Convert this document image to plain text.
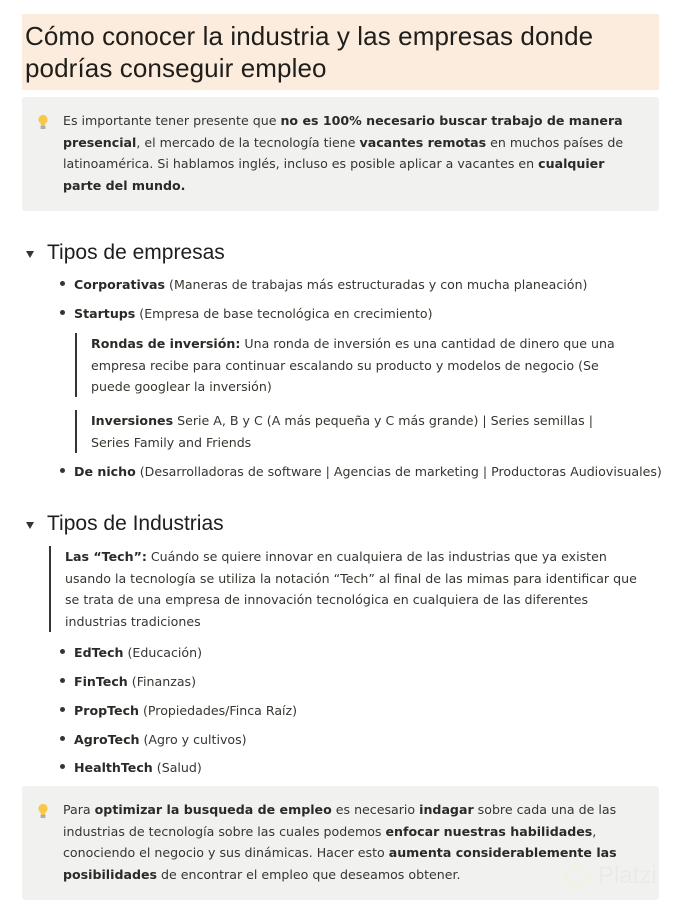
Cómo conocer la industria y las empresas donde podrías conseguir empleo
Es importante tener presente que no es 100% necesario buscar trabajo de manera presencial, el mercado de la tecnología tiene vacantes remotas en muchos países de latinoamérica. Si hablamos inglés, incluso es posible aplicar a vacantes en cualquier parte del mundo.
Tipos de empresas
Corporativas (Maneras de trabajas más estructuradas y con mucha planeación)
Startups (Empresa de base tecnológica en crecimiento)
Rondas de inversión: Una ronda de inversión es una cantidad de dinero que una empresa recibe para continuar escalando su producto y modelos de negocio (Se puede googlear la inversión)
Inversiones Serie A, B y C (A más pequeña y C más grande) | Series semillas | Series Family and Friends
De nicho (Desarrolladoras de software | Agencias de marketing | Productoras Audiovisuales)
Tipos de Industrias
Las “Tech”: Cuándo se quiere innovar en cualquiera de las industrias que ya existen usando la tecnología se utiliza la notación “Tech” al final de las mimas para identificar que se trata de una empresa de innovación tecnológica en cualquiera de las diferentes industrias tradiciones
EdTech (Educación)
FinTech (Finanzas)
PropTech (Propiedades/Finca Raíz)
AgroTech (Agro y cultivos)
HealthTech (Salud)
Para optimizar la busqueda de empleo es necesario indagar sobre cada una de las industrias de tecnología sobre las cuales podemos enfocar nuestras habilidades, conociendo el negocio y sus dinámicas. Hacer esto aumenta considerablemente las posibilidades de encontrar el empleo que deseamos obtener.	Platzi
